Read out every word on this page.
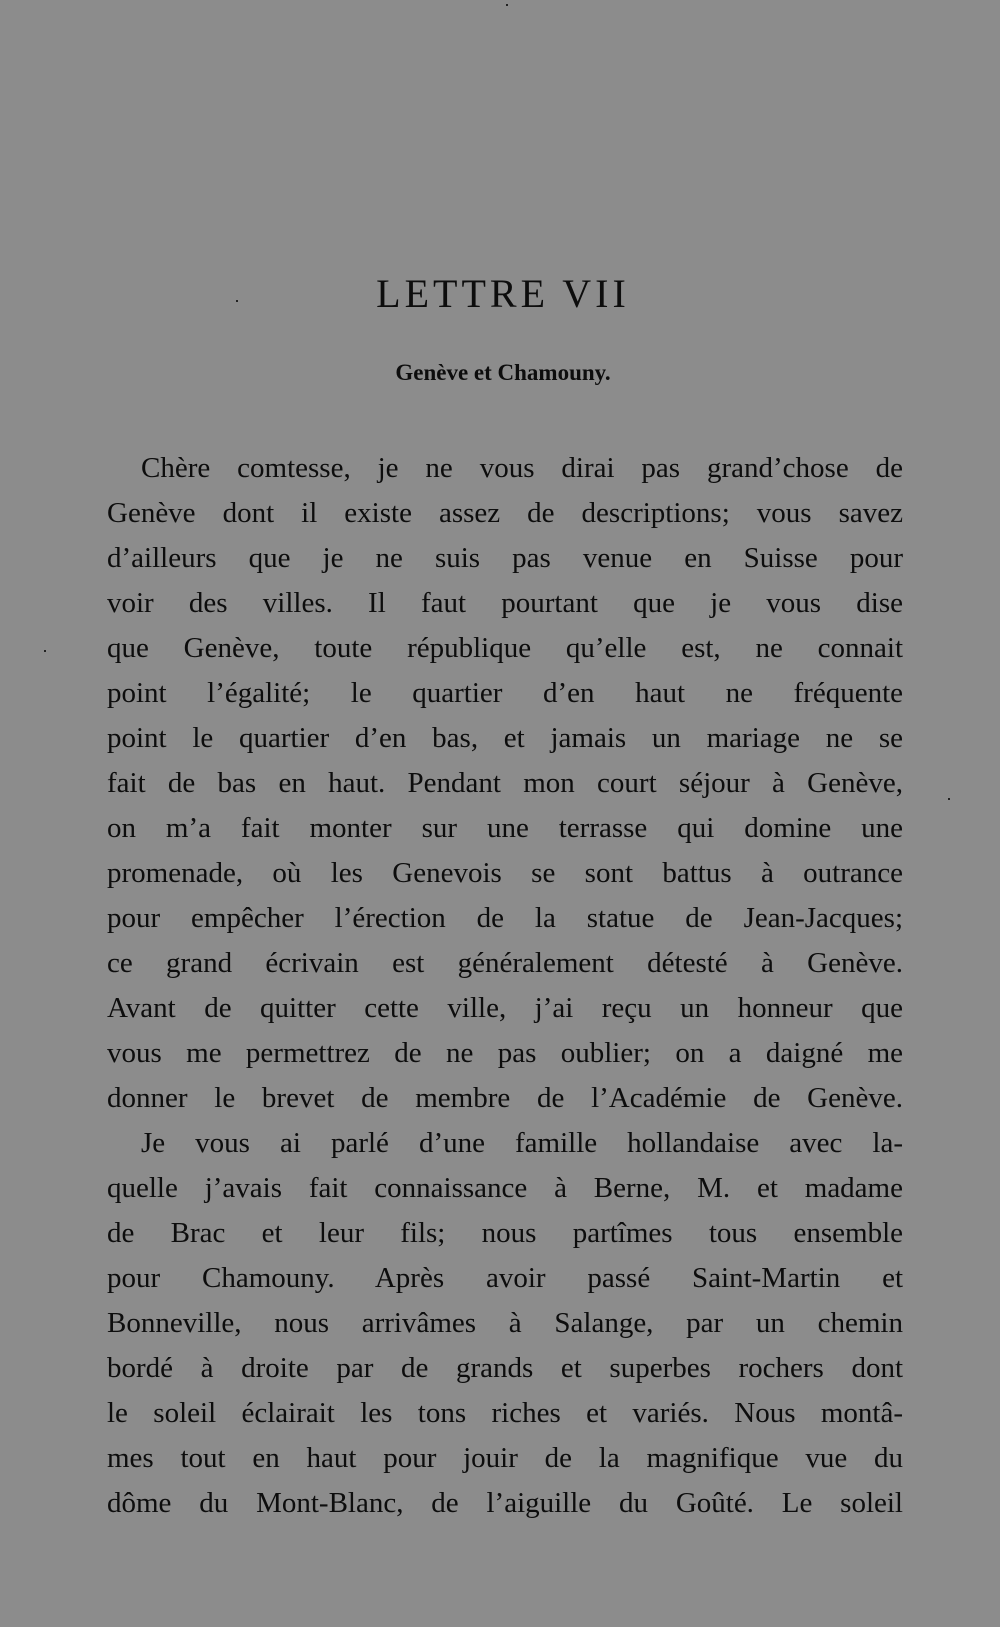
LETTRE VII
Genève et Chamouny.

Chère comtesse, je ne vous dirai pas grand’chose de
Genève dont il existe assez de descriptions; vous savez
d’ailleurs que je ne suis pas venue en Suisse pour
voir des villes. Il faut pourtant que je vous dise
que Genève, toute république qu’elle est, ne connait
point l’égalité; le quartier d’en haut ne fréquente
point le quartier d’en bas, et jamais un mariage ne se
fait de bas en haut. Pendant mon court séjour à Genève,
on m’a fait monter sur une terrasse qui domine une
promenade, où les Genevois se sont battus à outrance
pour empêcher l’érection de la statue de Jean-Jacques;
ce grand écrivain est généralement détesté à Genève.
Avant de quitter cette ville, j’ai reçu un honneur que
vous me permettrez de ne pas oublier; on a daigné me
donner le brevet de membre de l’Académie de Genève.

Je vous ai parlé d’une famille hollandaise avec la-
quelle j’avais fait connaissance à Berne, M. et madame
de Brac et leur fils; nous partîmes tous ensemble
pour Chamouny. Après avoir passé Saint-Martin et
Bonneville, nous arrivâmes à Salange, par un chemin
bordé à droite par de grands et superbes rochers dont
le soleil éclairait les tons riches et variés. Nous montâ-
mes tout en haut pour jouir de la magnifique vue du
dôme du Mont-Blanc, de l’aiguille du Goûté. Le soleil
